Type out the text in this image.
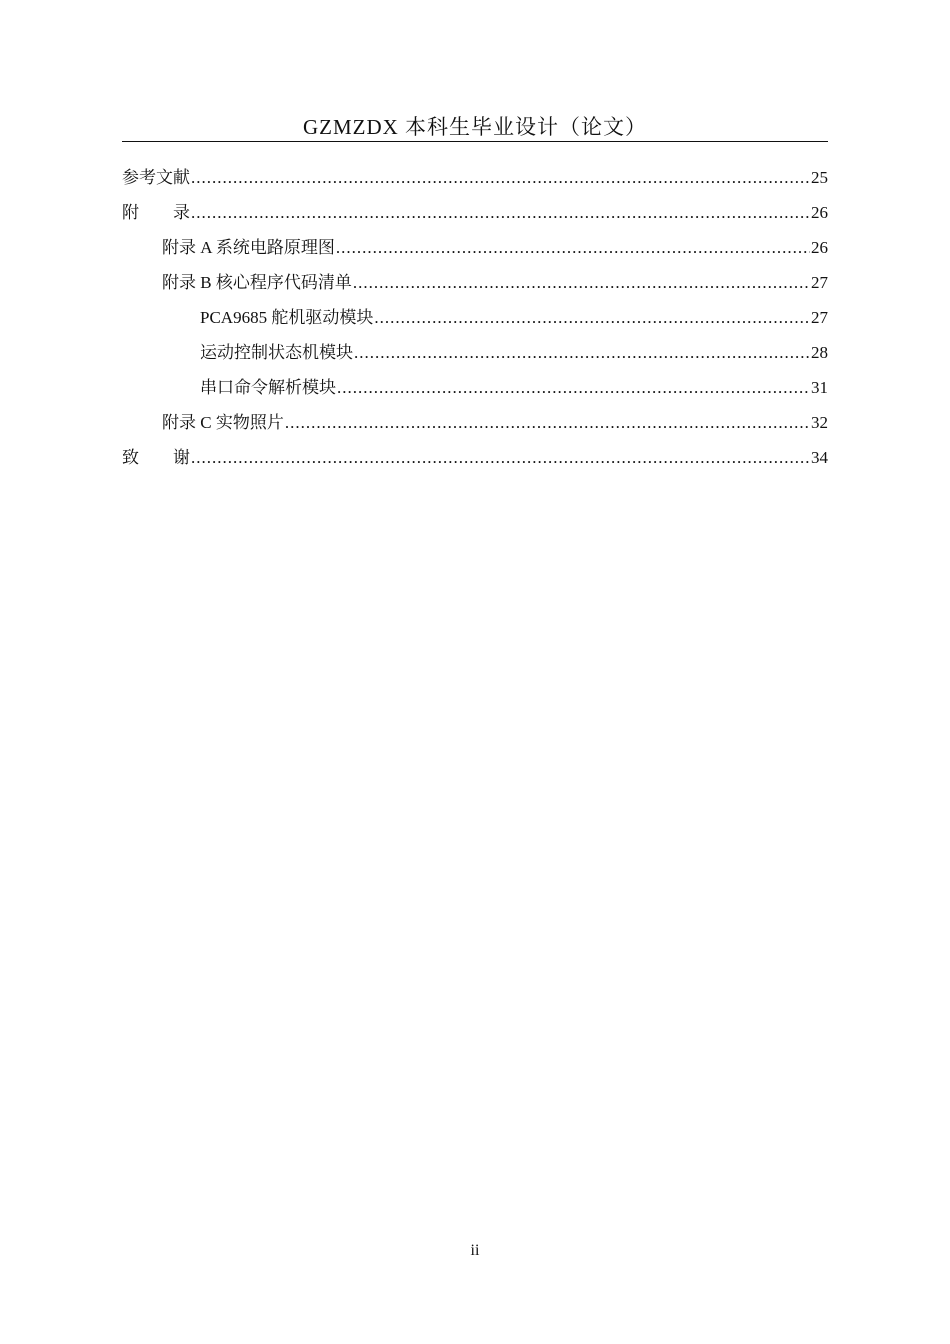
GZMZDX 本科生毕业设计（论文）
参考文献 .....	25
附　　录 .....	26
附录 A 系统电路原理图 .....	26
附录 B 核心程序代码清单 .....	27
PCA9685 舵机驱动模块 .....	27
运动控制状态机模块 .....	28
串口命令解析模块 .....	31
附录 C 实物照片 .....	32
致　　谢 .....	34
ii
